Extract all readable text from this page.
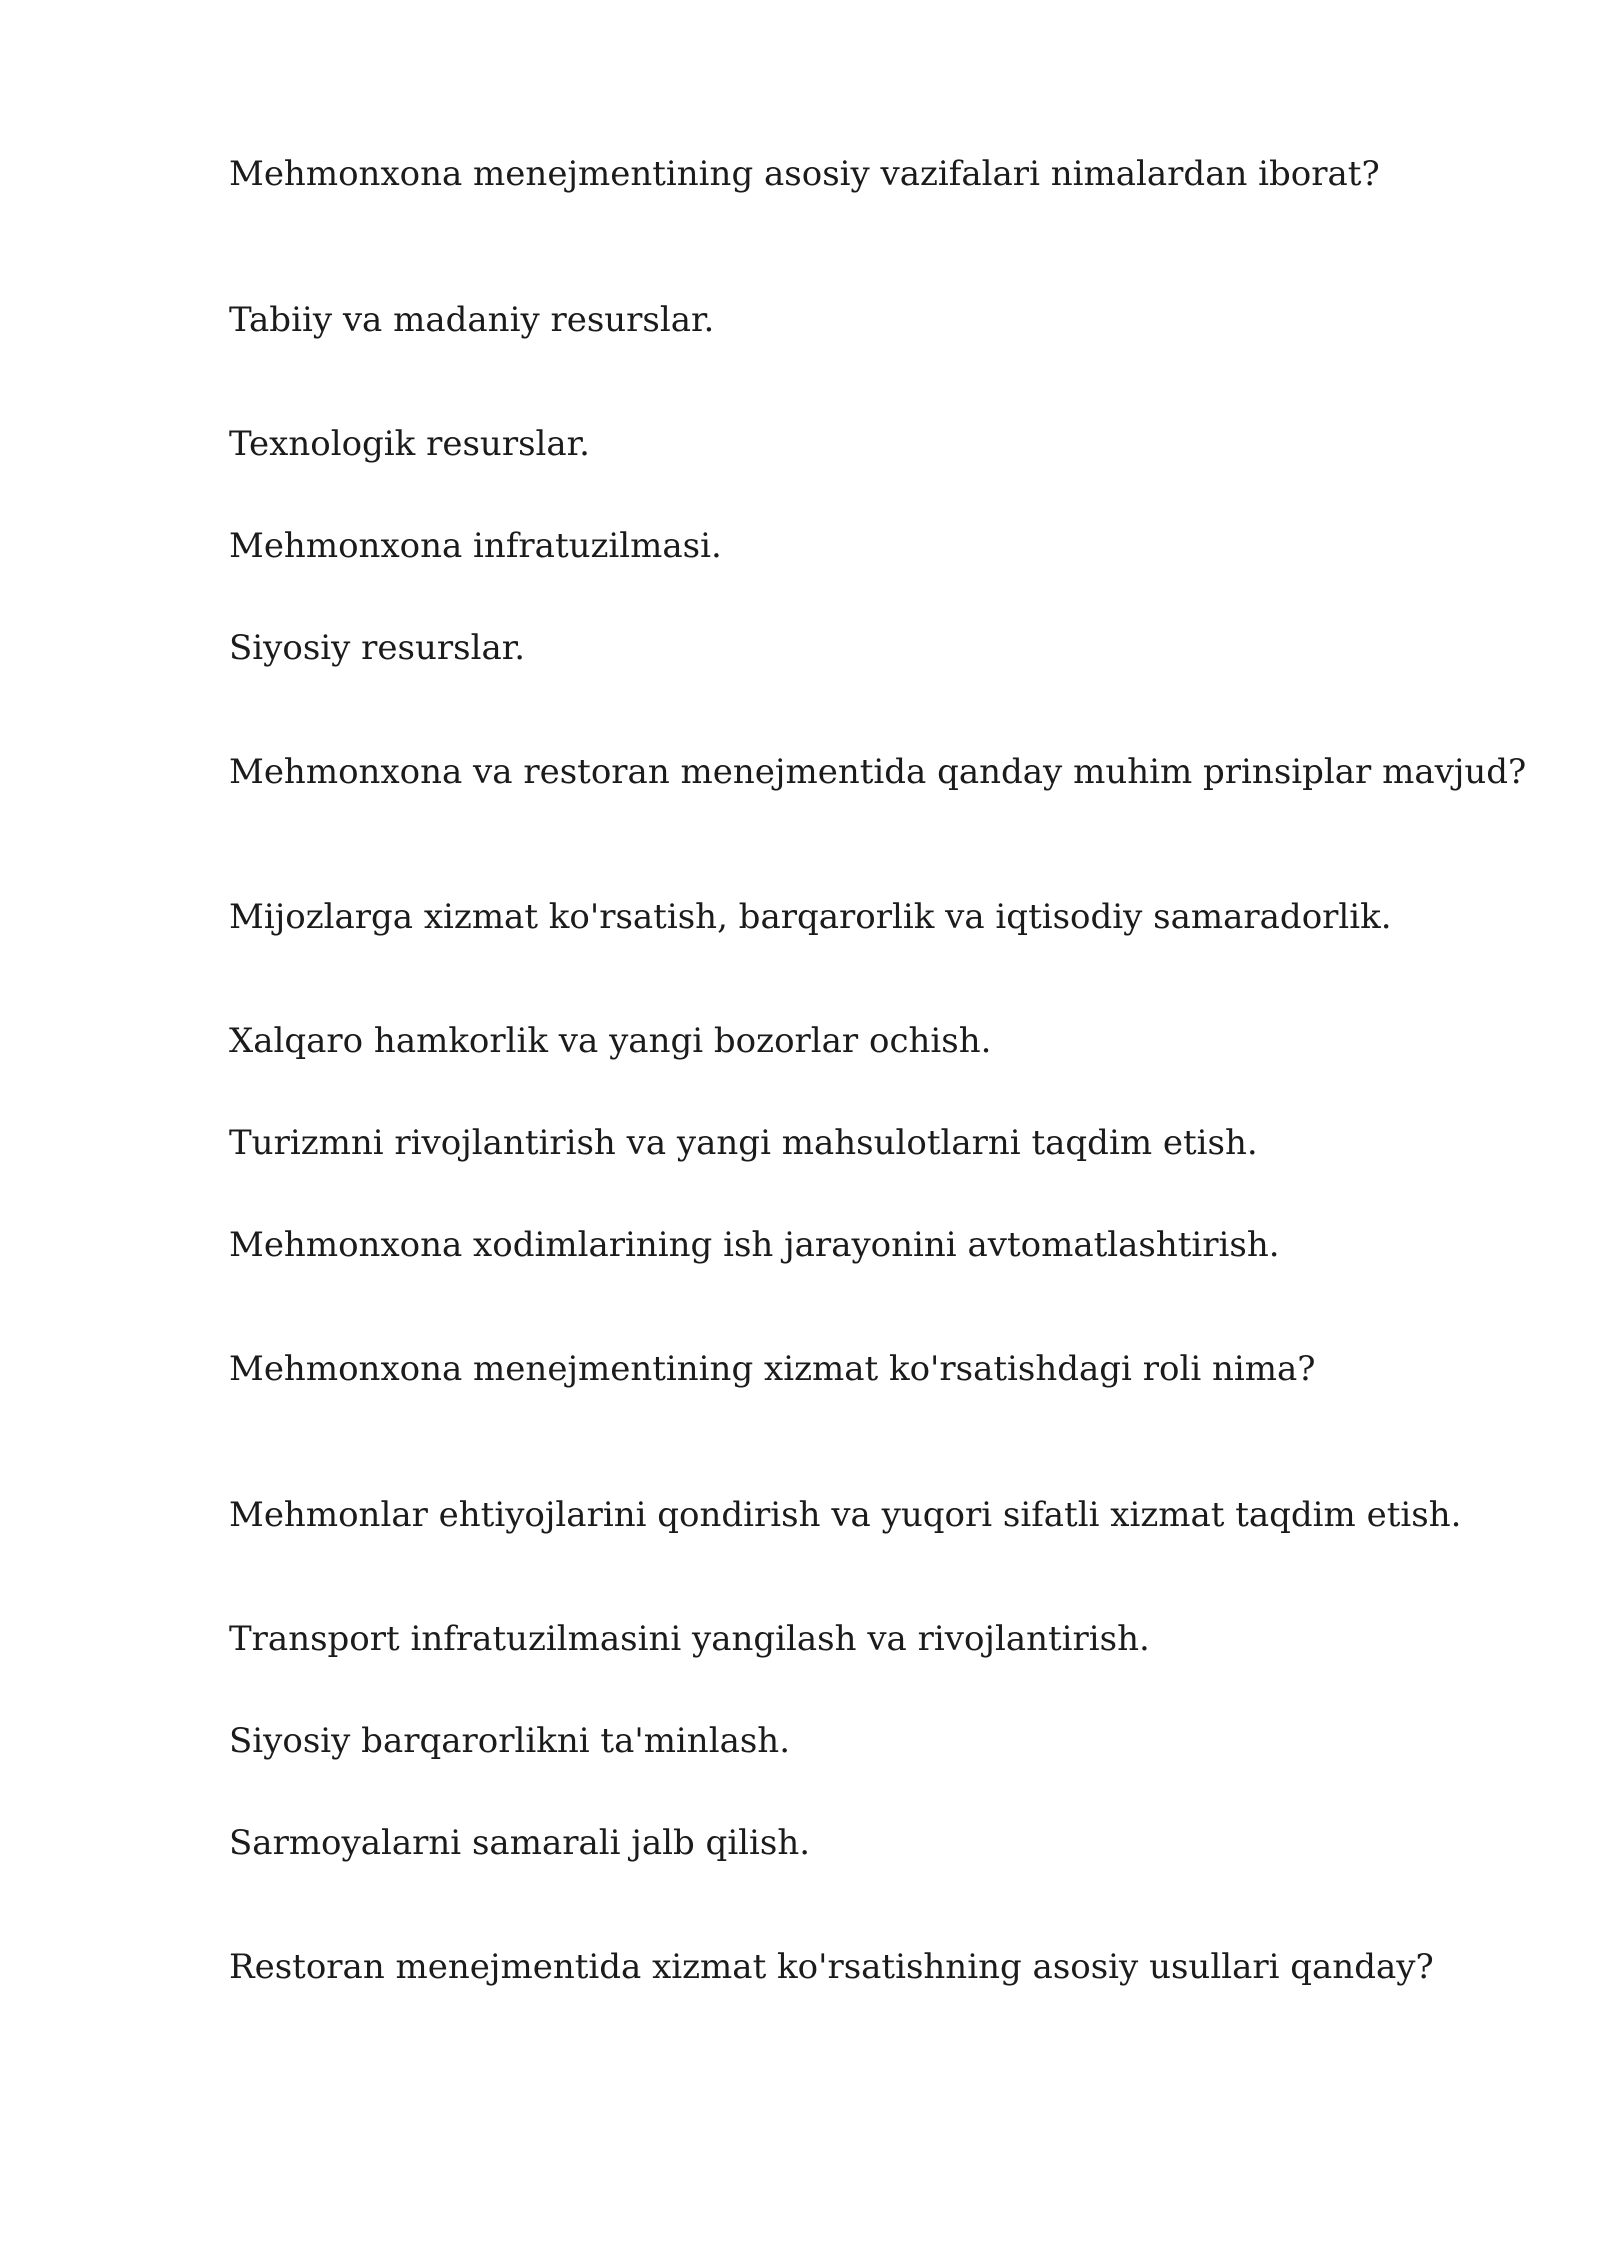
Mehmonxona menejmentining asosiy vazifalari nimalardan iborat?

Tabiiy va madaniy resurslar.

Texnologik resurslar.

Mehmonxona infratuzilmasi.

Siyosiy resurslar.

Mehmonxona va restoran menejmentida qanday muhim prinsiplar mavjud?

Mijozlarga xizmat ko'rsatish, barqarorlik va iqtisodiy samaradorlik.

Xalqaro hamkorlik va yangi bozorlar ochish.

Turizmni rivojlantirish va yangi mahsulotlarni taqdim etish.

Mehmonxona xodimlarining ish jarayonini avtomatlashtirish.

Mehmonxona menejmentining xizmat ko'rsatishdagi roli nima?

Mehmonlar ehtiyojlarini qondirish va yuqori sifatli xizmat taqdim etish.

Transport infratuzilmasini yangilash va rivojlantirish.

Siyosiy barqarorlikni ta'minlash.

Sarmoyalarni samarali jalb qilish.

Restoran menejmentida xizmat ko'rsatishning asosiy usullari qanday?
